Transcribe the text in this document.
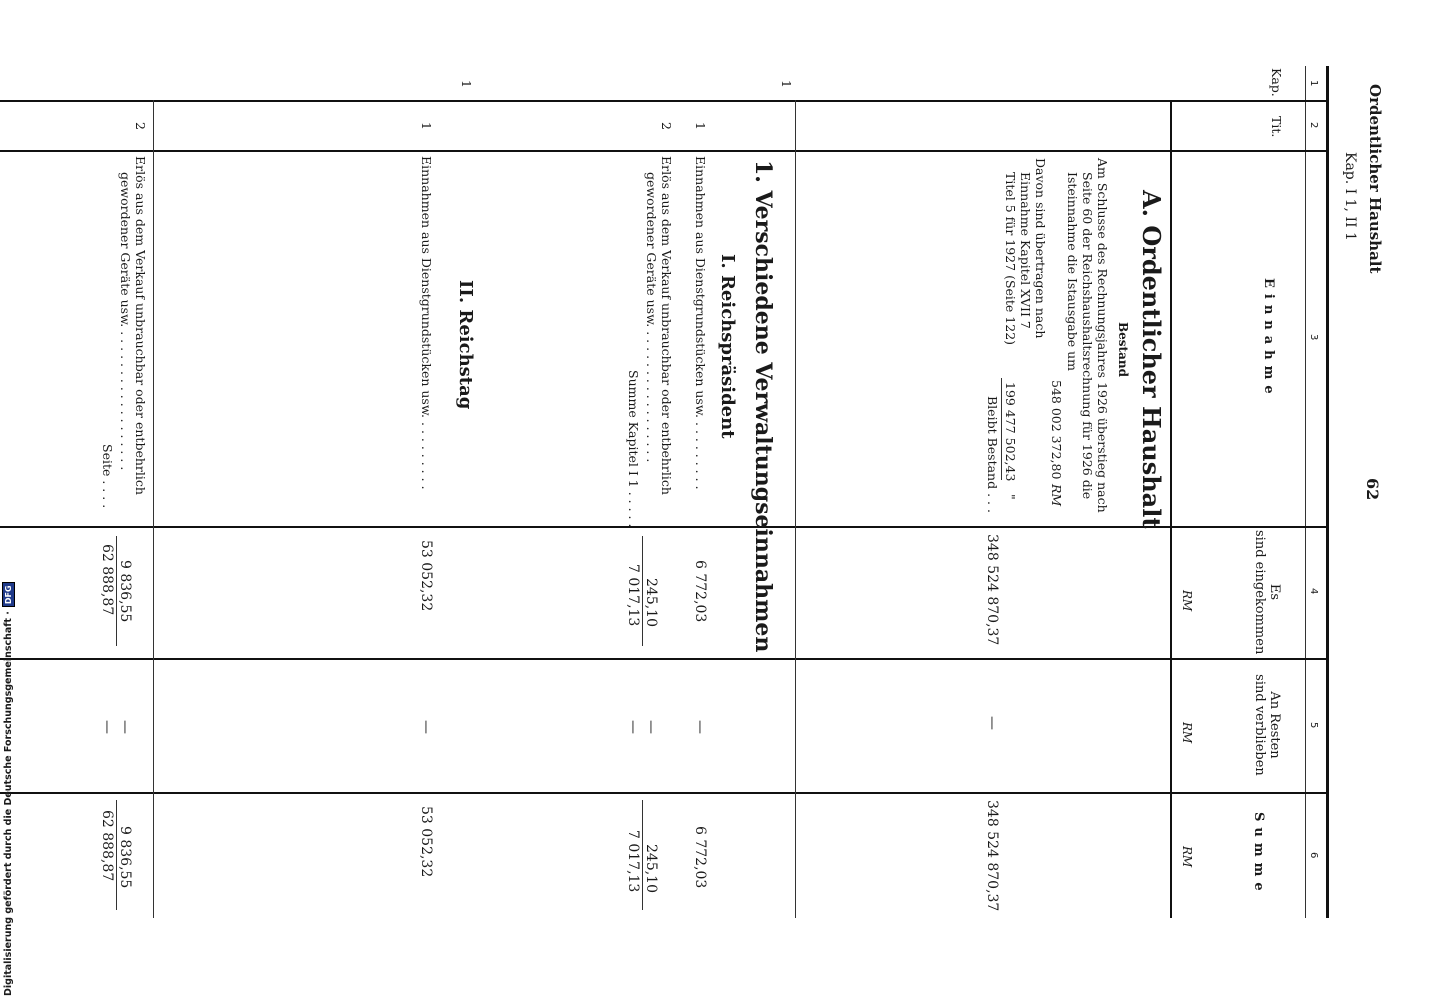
Ordentlicher Haushalt
Kap. I 1, II 1
62
1
2
3
4
5
6
Kap.
Tit.
Einnahme
Es
sind eingekommen
RM
An Resten
sind verblieben
RM
Summe
RM
A. Ordentlicher Haushalt
Bestand
Am Schlusse des Rechnungsjahres 1926 überstieg nach
Seite 60 der Reichshaushaltsrechnung für 1926 die
Isteinnahme die Istausgabe um
548 002 372,80
RM
Davon sind übertragen nach
Einnahme Kapitel XVII 7
Titel 5 für 1927 (Seite 122)
199 477 502,43
"
Bleibt Bestand . . .
348 524 870,37
—
348 524 870,37
1. Verschiedene Verwaltungseinnahmen
1
I. Reichspräsident
1
Einnahmen aus Dienstgrundstücken usw. . . . . . . . . .
6 772,03
—
6 772,03
2
Erlös aus dem Verkauf unbrauchbar oder entbehrlich
gewordener Geräte usw. . . . . . . . . . . . . . . . . .
245,10
—
245,10
Summe Kapitel I 1 . . . . .
7 017,13
—
7 017,13
1
II. Reichstag
1
Einnahmen aus Dienstgrundstücken usw. . . . . . . . . .
53 052,32
—
53 052,32
2
Erlös aus dem Verkauf unbrauchbar oder entbehrlich
gewordener Geräte usw. . . . . . . . . . . . . . . . . . .
9 836,55
—
9 836,55
Seite . . . .
62 888,87
—
62 888,87
Digitalisierung gefördert durch die Deutsche Forschungsgemeinschaft ·
DFG
